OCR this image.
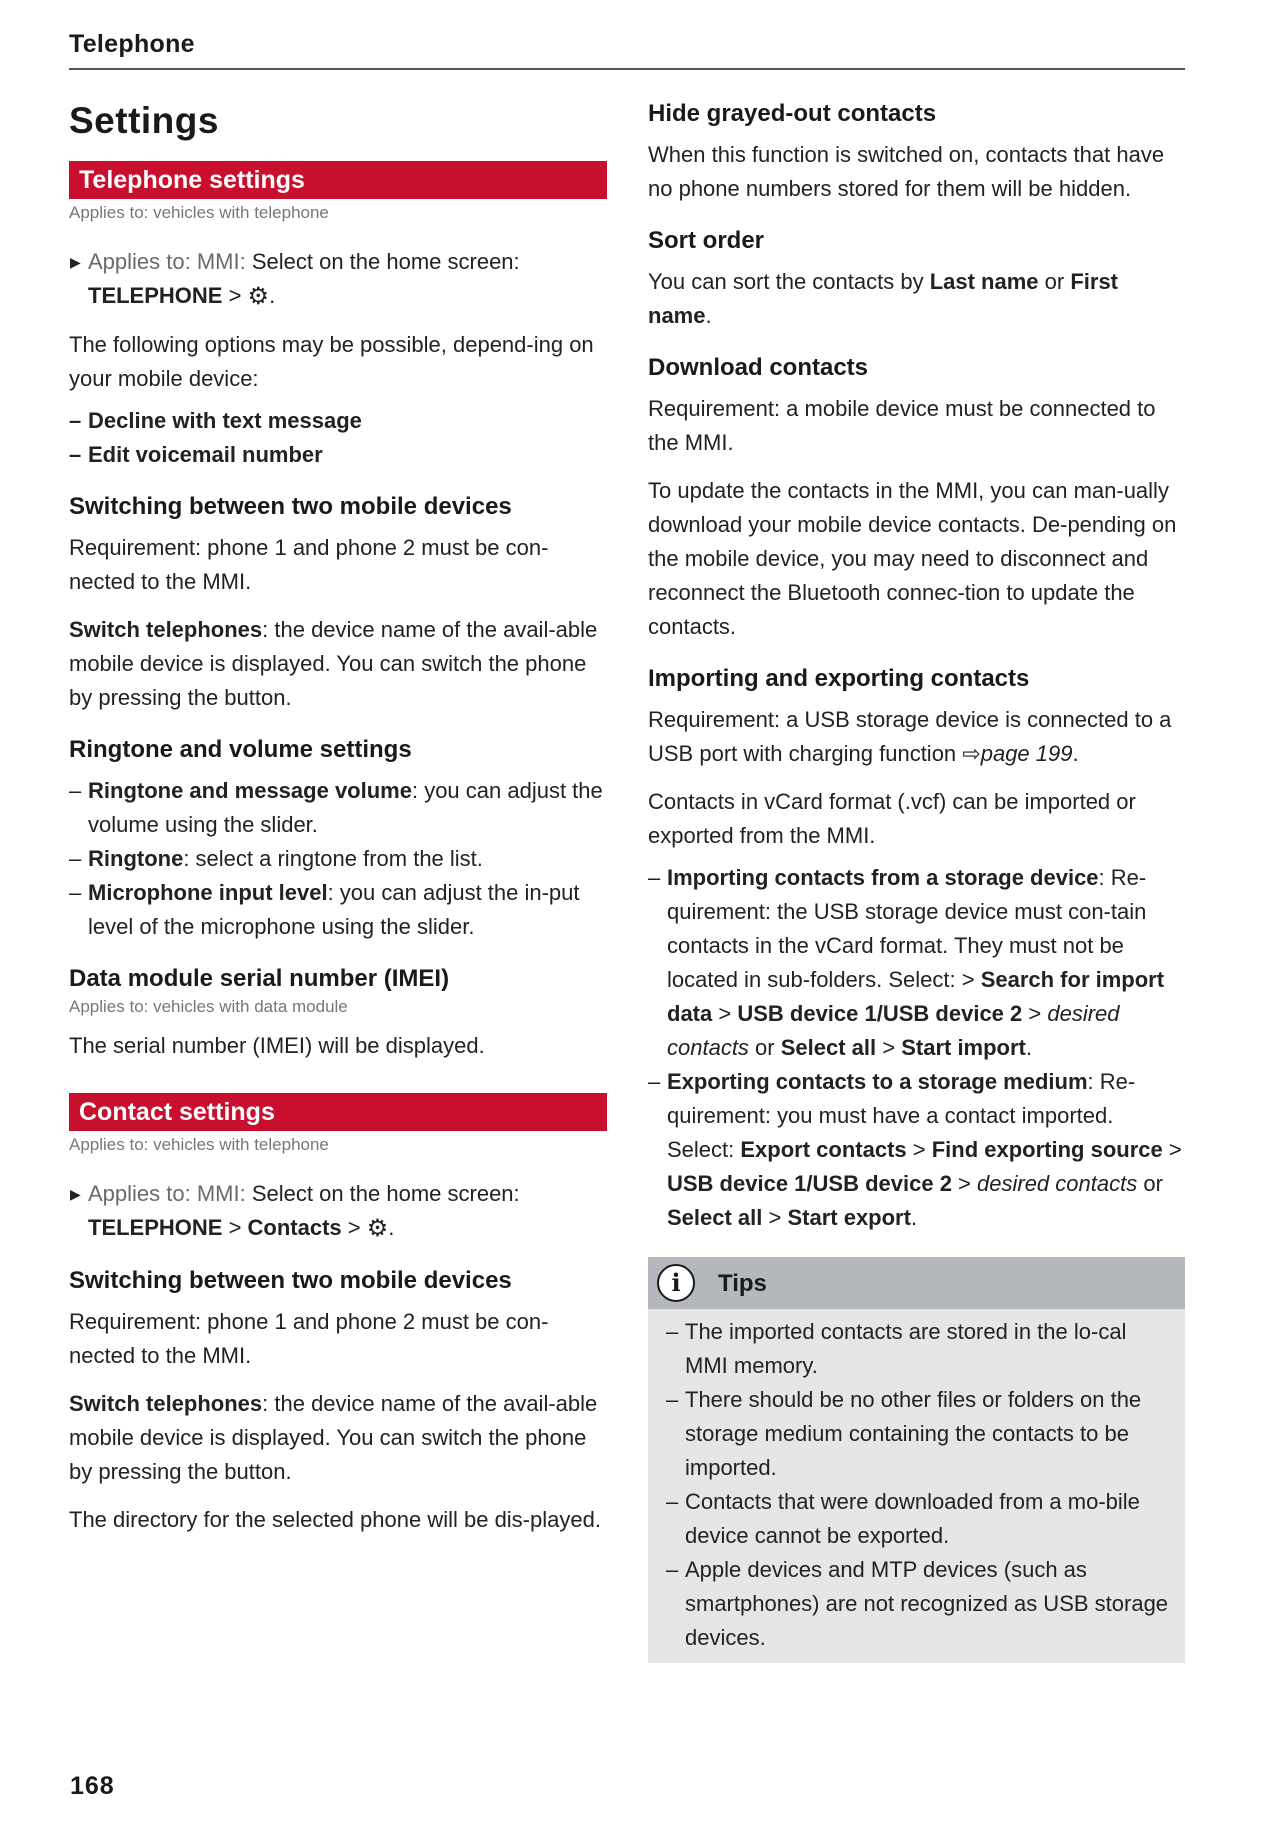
Telephone
Settings
Telephone settings
Applies to: vehicles with telephone
▶ Applies to: MMI: Select on the home screen:
TELEPHONE > ⚙.

The following options may be possible, depend-ing on your mobile device:

– Decline with text message
– Edit voicemail number
Switching between two mobile devices

Requirement: phone 1 and phone 2 must be con-nected to the MMI.

Switch telephones: the device name of the avail-able mobile device is displayed. You can switch the phone by pressing the button.

Ringtone and volume settings
– Ringtone and message volume: you can adjust the volume using the slider.
– Ringtone: select a ringtone from the list.
– Microphone input level: you can adjust the in-put level of the microphone using the slider.
Data module serial number (IMEI)
Applies to: vehicles with data module

The serial number (IMEI) will be displayed.

Contact settings
Applies to: vehicles with telephone
▶ Applies to: MMI: Select on the home screen:
TELEPHONE > Contacts > ⚙.
Switching between two mobile devices

Requirement: phone 1 and phone 2 must be con-nected to the MMI.

Switch telephones: the device name of the avail-able mobile device is displayed. You can switch the phone by pressing the button.

The directory for the selected phone will be dis-played.

Hide grayed-out contacts

When this function is switched on, contacts that have no phone numbers stored for them will be hidden.

Sort order

You can sort the contacts by Last name or First name.

Download contacts

Requirement: a mobile device must be connected to the MMI.

To update the contacts in the MMI, you can man-ually download your mobile device contacts. De-pending on the mobile device, you may need to disconnect and reconnect the Bluetooth connec-tion to update the contacts.

Importing and exporting contacts

Requirement: a USB storage device is connected to a USB port with charging function ⇨page 199.

Contacts in vCard format (.vcf) can be imported or exported from the MMI.

– Importing contacts from a storage device: Re-quirement: the USB storage device must con-tain contacts in the vCard format. They must not be located in sub-folders. Select: > Search for import data > USB device 1/USB device 2 > desired contacts or Select all > Start import.
– Exporting contacts to a storage medium: Re-quirement: you must have a contact imported. Select: Export contacts > Find exporting source > USB device 1/USB device 2 > desired contacts or Select all > Start export.
i	Tips
– The imported contacts are stored in the lo-cal MMI memory.
– There should be no other files or folders on the storage medium containing the contacts to be imported.
– Contacts that were downloaded from a mo-bile device cannot be exported.
– Apple devices and MTP devices (such as smartphones) are not recognized as USB storage devices.
168
